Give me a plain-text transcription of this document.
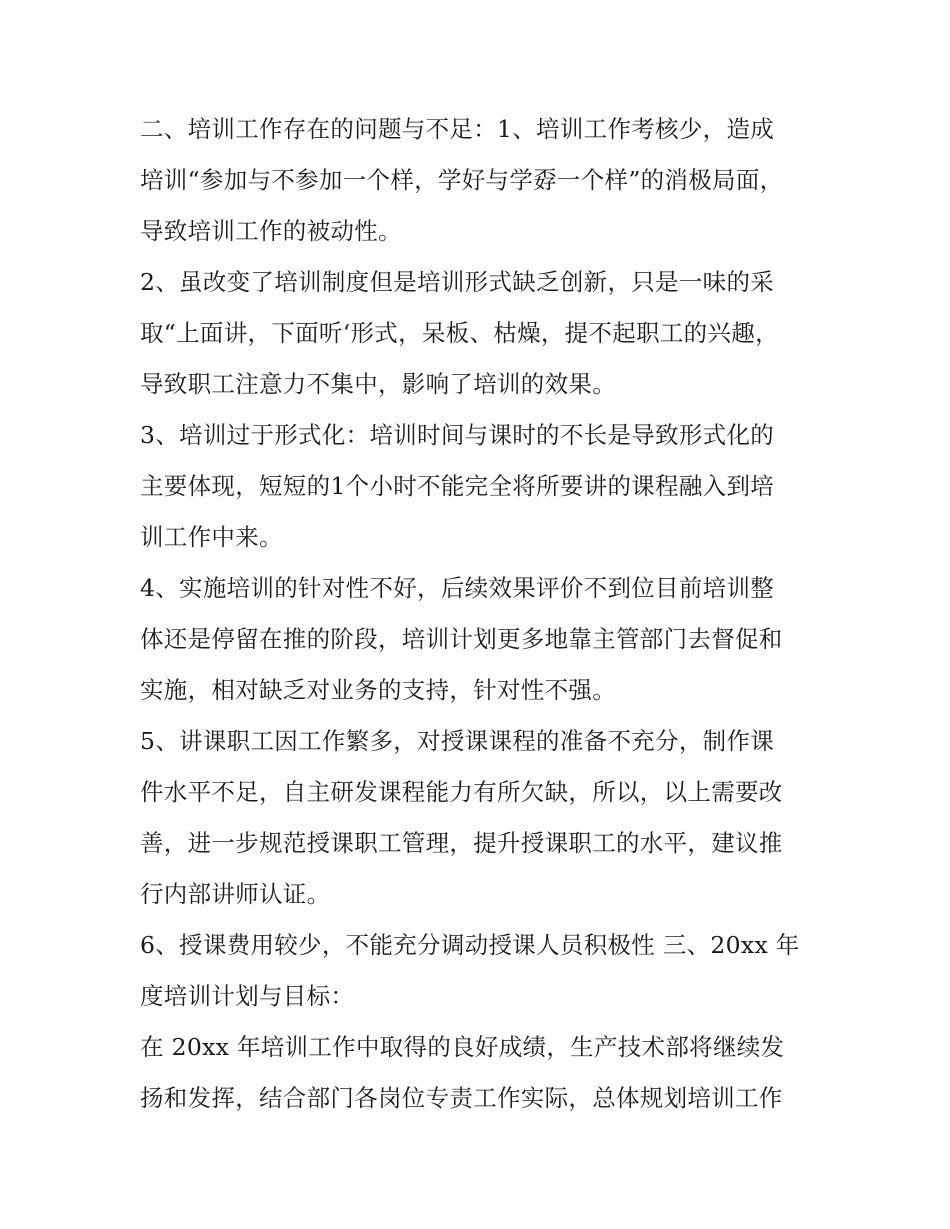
二、培训工作存在的问题与不足：1、培训工作考核少，造成
培训“参加与不参加一个样，学好与学孬一个样”的消极局面，
导致培训工作的被动性。

2、虽改变了培训制度但是培训形式缺乏创新，只是一味的采
取“上面讲，下面听‘形式，呆板、枯燥，提不起职工的兴趣，
导致职工注意力不集中，影响了培训的效果。

3、培训过于形式化：培训时间与课时的不长是导致形式化的
主要体现，短短的1个小时不能完全将所要讲的课程融入到培
训工作中来。

4、实施培训的针对性不好，后续效果评价不到位目前培训整
体还是停留在推的阶段，培训计划更多地靠主管部门去督促和
实施，相对缺乏对业务的支持，针对性不强。

5、讲课职工因工作繁多，对授课课程的准备不充分，制作课
件水平不足，自主研发课程能力有所欠缺，所以，以上需要改
善，进一步规范授课职工管理，提升授课职工的水平，建议推
行内部讲师认证。

6、授课费用较少，不能充分调动授课人员积极性 三、20xx 年
度培训计划与目标：

在 20xx 年培训工作中取得的良好成绩，生产技术部将继续发
扬和发挥，结合部门各岗位专责工作实际，总体规划培训工作
